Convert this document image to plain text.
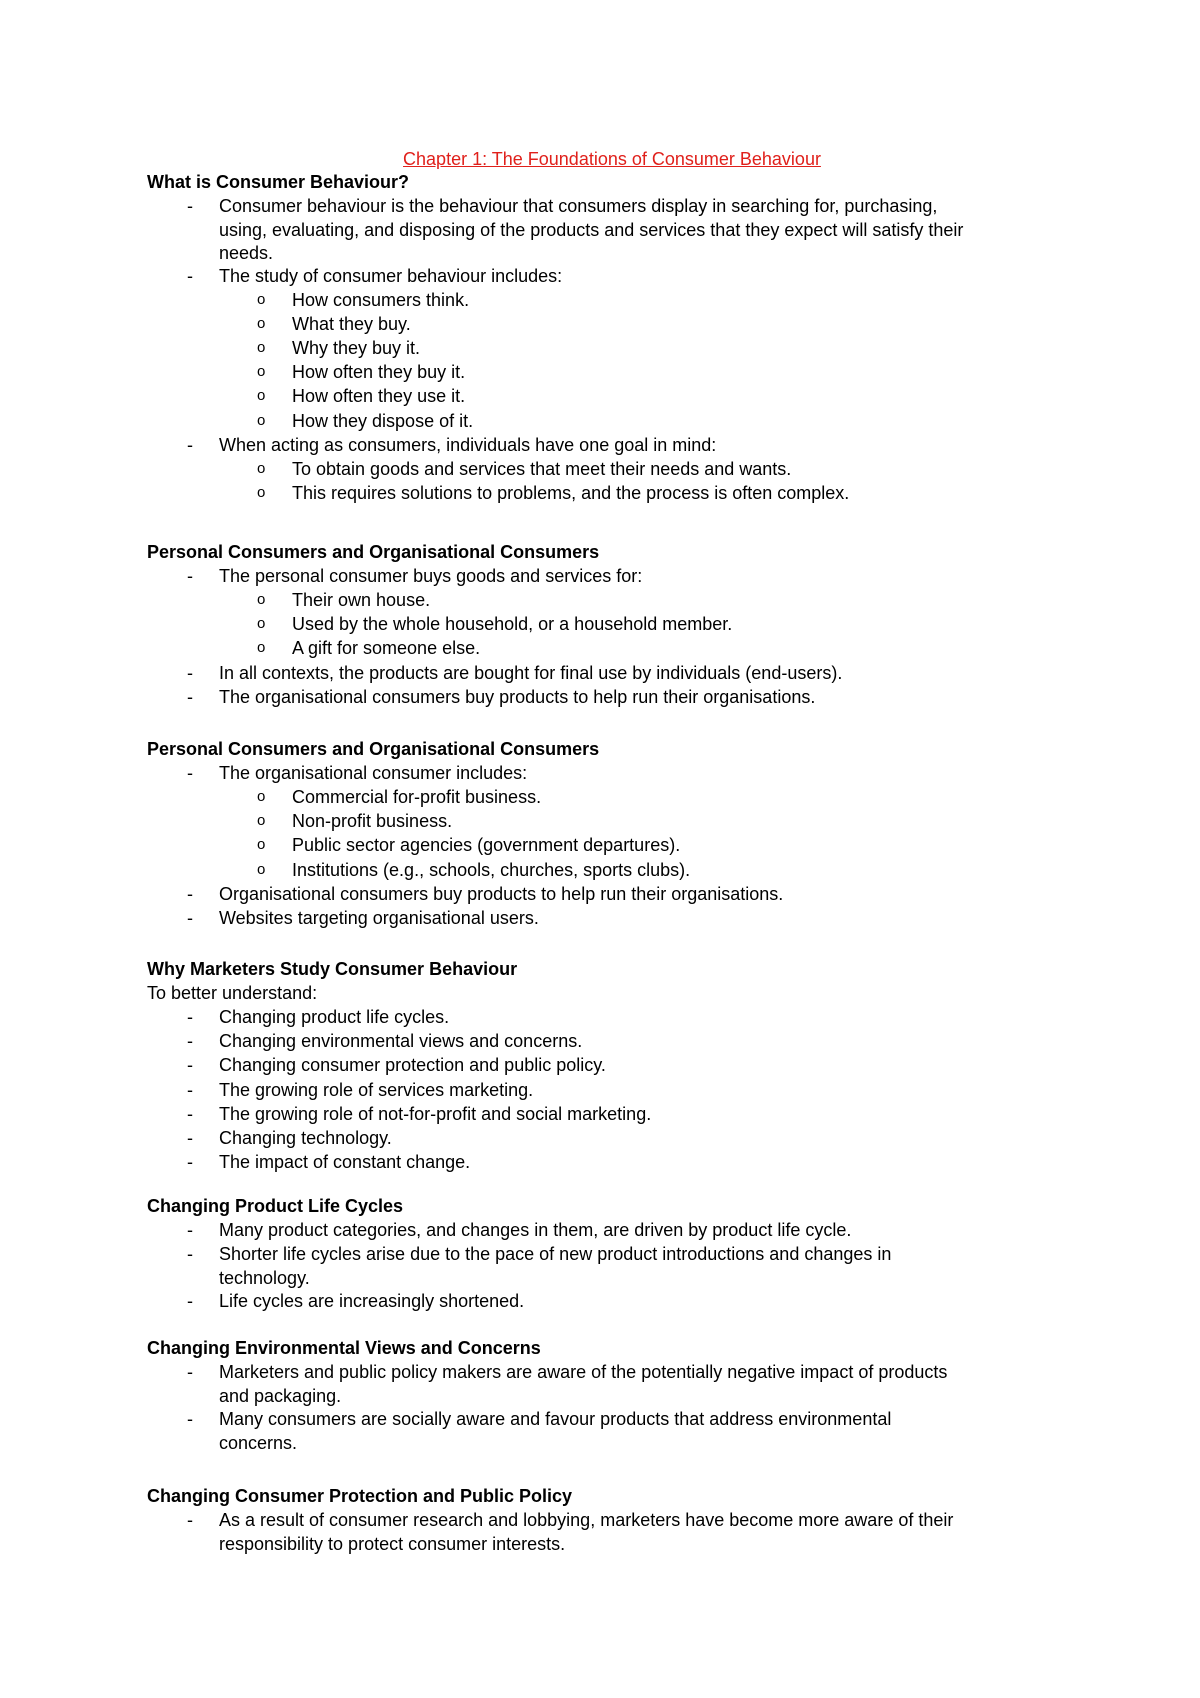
Chapter 1: The Foundations of Consumer Behaviour
What is Consumer Behaviour?
- Consumer behaviour is the behaviour that consumers display in searching for, purchasing,
using, evaluating, and disposing of the products and services that they expect will satisfy their
needs.
- The study of consumer behaviour includes:
o How consumers think.
o What they buy.
o Why they buy it.
o How often they buy it.
o How often they use it.
o How they dispose of it.
- When acting as consumers, individuals have one goal in mind:
o To obtain goods and services that meet their needs and wants.
o This requires solutions to problems, and the process is often complex.
Personal Consumers and Organisational Consumers
- The personal consumer buys goods and services for:
o Their own house.
o Used by the whole household, or a household member.
o A gift for someone else.
- In all contexts, the products are bought for final use by individuals (end-users).
- The organisational consumers buy products to help run their organisations.
Personal Consumers and Organisational Consumers
- The organisational consumer includes:
o Commercial for-profit business.
o Non-profit business.
o Public sector agencies (government departures).
o Institutions (e.g., schools, churches, sports clubs).
- Organisational consumers buy products to help run their organisations.
- Websites targeting organisational users.
Why Marketers Study Consumer Behaviour
To better understand:
- Changing product life cycles.
- Changing environmental views and concerns.
- Changing consumer protection and public policy.
- The growing role of services marketing.
- The growing role of not-for-profit and social marketing.
- Changing technology.
- The impact of constant change.
Changing Product Life Cycles
- Many product categories, and changes in them, are driven by product life cycle.
- Shorter life cycles arise due to the pace of new product introductions and changes in
technology.
- Life cycles are increasingly shortened.
Changing Environmental Views and Concerns
- Marketers and public policy makers are aware of the potentially negative impact of products
and packaging.
- Many consumers are socially aware and favour products that address environmental
concerns.
Changing Consumer Protection and Public Policy
- As a result of consumer research and lobbying, marketers have become more aware of their
responsibility to protect consumer interests.
